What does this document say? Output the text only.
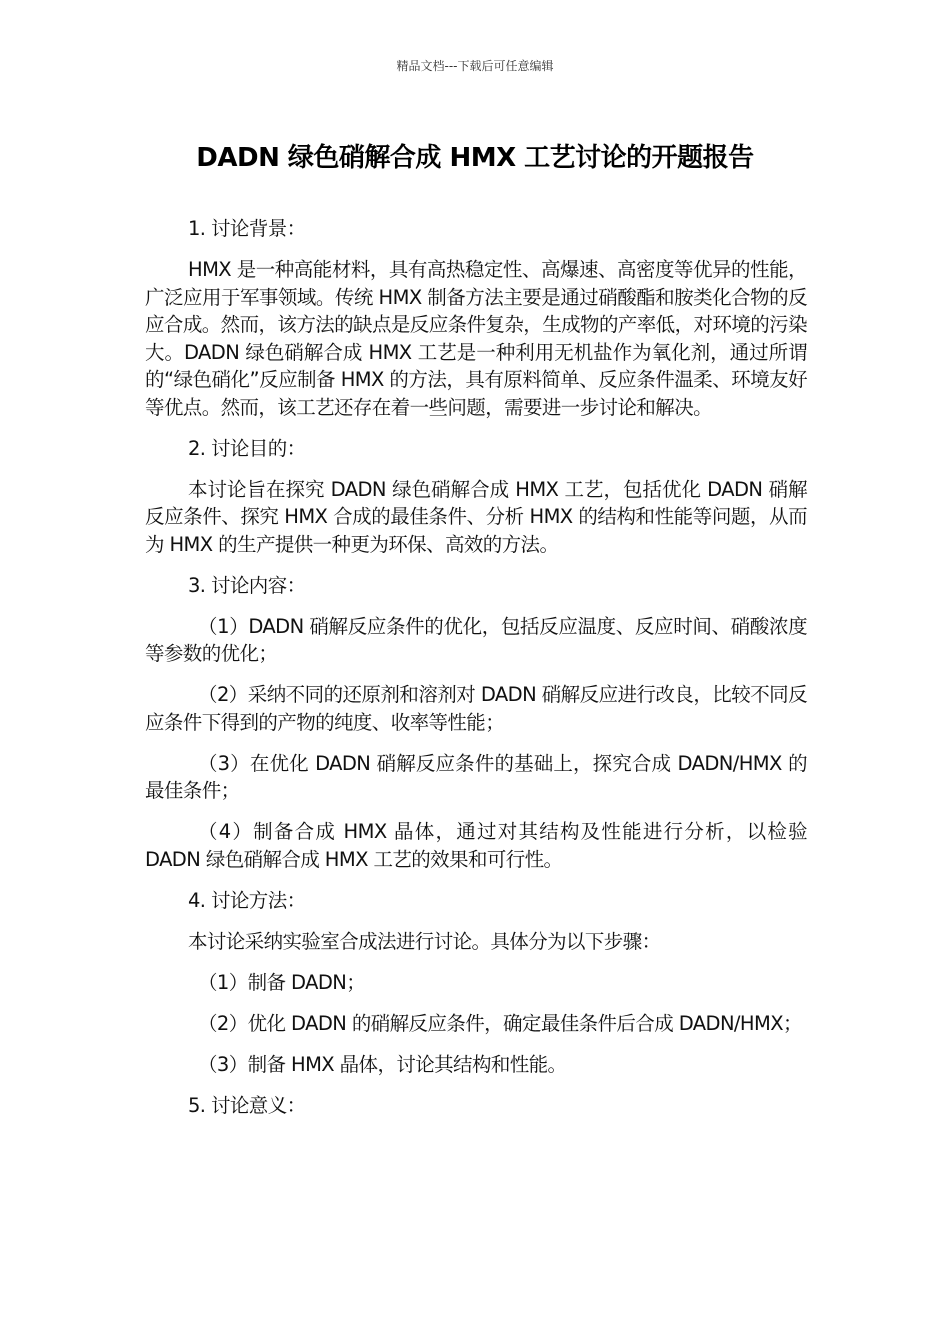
精品文档---下载后可任意编辑
DADN 绿色硝解合成 HMX 工艺讨论的开题报告

1. 讨论背景：

HMX 是一种高能材料，具有高热稳定性、高爆速、高密度等优异的性能，广泛应用于军事领域。传统 HMX 制备方法主要是通过硝酸酯和胺类化合物的反应合成。然而，该方法的缺点是反应条件复杂，生成物的产率低，对环境的污染大。DADN 绿色硝解合成 HMX 工艺是一种利用无机盐作为氧化剂，通过所谓的“绿色硝化”反应制备 HMX 的方法，具有原料简单、反应条件温柔、环境友好等优点。然而，该工艺还存在着一些问题，需要进一步讨论和解决。

2. 讨论目的：

本讨论旨在探究 DADN 绿色硝解合成 HMX 工艺，包括优化 DADN 硝解反应条件、探究 HMX 合成的最佳条件、分析 HMX 的结构和性能等问题，从而为 HMX 的生产提供一种更为环保、高效的方法。

3. 讨论内容：

（1）DADN 硝解反应条件的优化，包括反应温度、反应时间、硝酸浓度等参数的优化；

（2）采纳不同的还原剂和溶剂对 DADN 硝解反应进行改良，比较不同反应条件下得到的产物的纯度、收率等性能；

（3）在优化 DADN 硝解反应条件的基础上，探究合成 DADN/HMX 的最佳条件；

（4）制备合成 HMX 晶体，通过对其结构及性能进行分析，以检验 DADN 绿色硝解合成 HMX 工艺的效果和可行性。

4. 讨论方法：

本讨论采纳实验室合成法进行讨论。具体分为以下步骤：

（1）制备 DADN；

（2）优化 DADN 的硝解反应条件，确定最佳条件后合成 DADN/HMX；

（3）制备 HMX 晶体，讨论其结构和性能。

5. 讨论意义：
